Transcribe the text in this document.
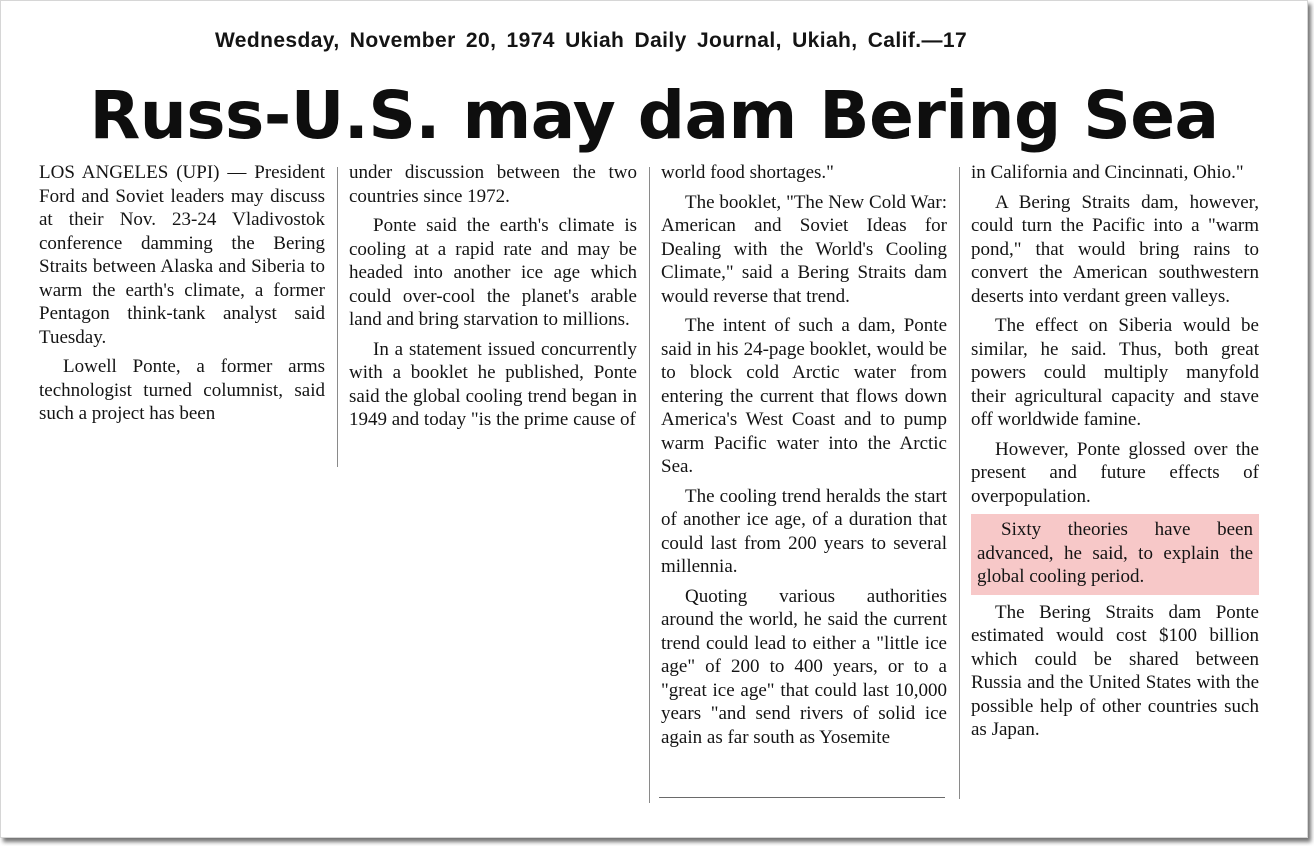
Wednesday, November 20, 1974 Ukiah Daily Journal, Ukiah, Calif.—17
Russ-U.S. may dam Bering Sea

LOS ANGELES (UPI) — President Ford and Soviet leaders may discuss at their Nov. 23-24 Vladivostok conference damming the Bering Straits between Alaska and Siberia to warm the earth's climate, a former Pentagon think-tank analyst said Tuesday.

Lowell Ponte, a former arms technologist turned columnist, said such a project has been

under discussion between the two countries since 1972.

Ponte said the earth's climate is cooling at a rapid rate and may be headed into another ice age which could over-cool the planet's arable land and bring starvation to millions.

In a statement issued concurrently with a booklet he published, Ponte said the global cooling trend began in 1949 and today "is the prime cause of

world food shortages."

The booklet, "The New Cold War: American and Soviet Ideas for Dealing with the World's Cooling Climate," said a Bering Straits dam would reverse that trend.

The intent of such a dam, Ponte said in his 24-page booklet, would be to block cold Arctic water from entering the current that flows down America's West Coast and to pump warm Pacific water into the Arctic Sea.

The cooling trend heralds the start of another ice age, of a duration that could last from 200 years to several millennia.

Quoting various authorities around the world, he said the current trend could lead to either a "little ice age" of 200 to 400 years, or to a "great ice age" that could last 10,000 years "and send rivers of solid ice again as far south as Yosemite

in California and Cincinnati, Ohio."

A Bering Straits dam, however, could turn the Pacific into a "warm pond," that would bring rains to convert the American southwestern deserts into verdant green valleys.

The effect on Siberia would be similar, he said. Thus, both great powers could multiply manyfold their agricultural capacity and stave off worldwide famine.

However, Ponte glossed over the present and future effects of overpopulation.

Sixty theories have been advanced, he said, to explain the global cooling period.

The Bering Straits dam Ponte estimated would cost $100 billion which could be shared between Russia and the United States with the possible help of other countries such as Japan.
